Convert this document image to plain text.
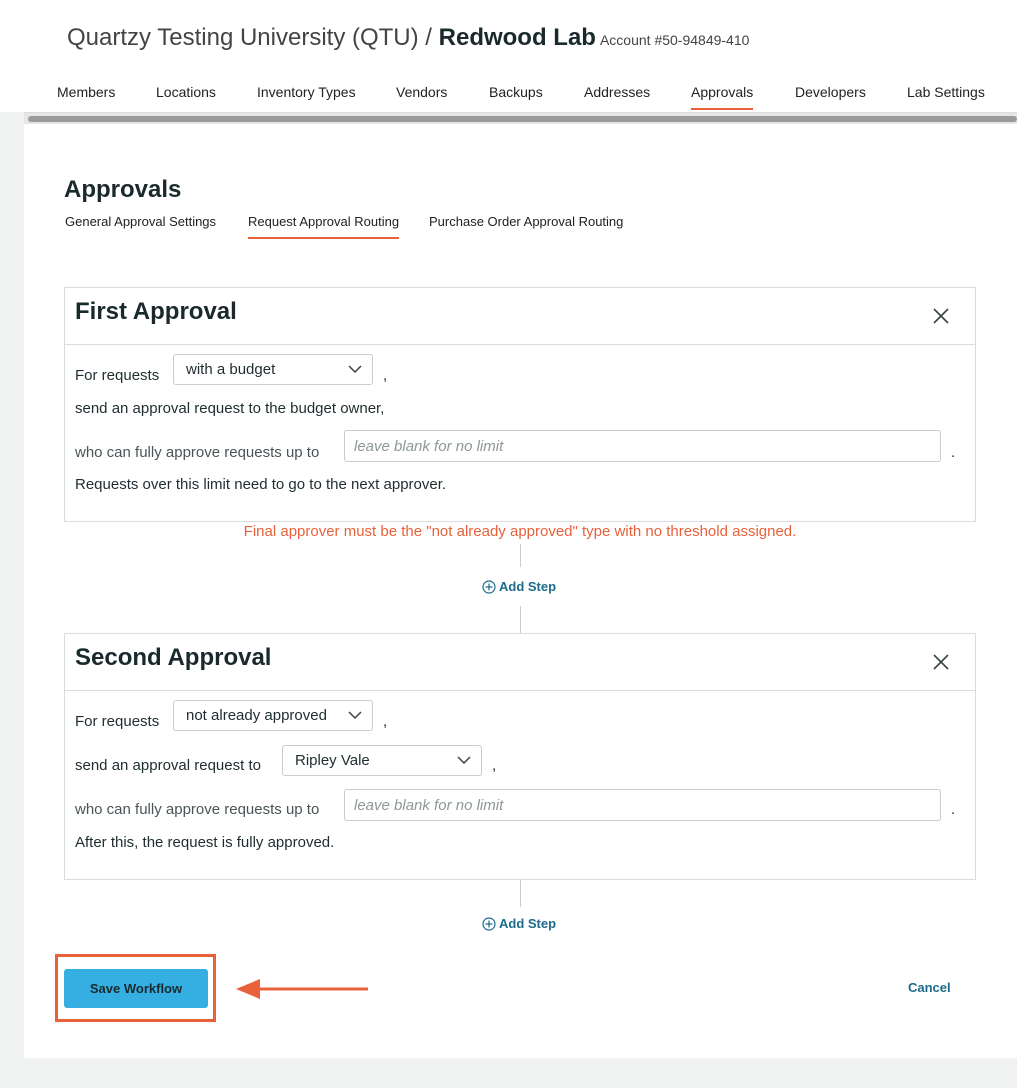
Quartzy Testing University (QTU) / Redwood Lab Account #50-94849-410
Members	Locations	Inventory Types	Vendors	Backups	Addresses	Approvals	Developers	Lab Settings
Approvals
General Approval Settings Request Approval Routing Purchase Order Approval Routing
First Approval
For requests	with a budget	,
send an approval request to the budget owner,
who can fully approve requests up to
leave blank for no limit	.
Requests over this limit need to go to the next approver.
Final approver must be the "not already approved" type with no threshold assigned.
Add Step
Second Approval
For requests	not already approved	,
send an approval request to	Ripley Vale	,
who can fully approve requests up to
leave blank for no limit	.
After this, the request is fully approved.
Add Step
Save Workflow	Cancel
